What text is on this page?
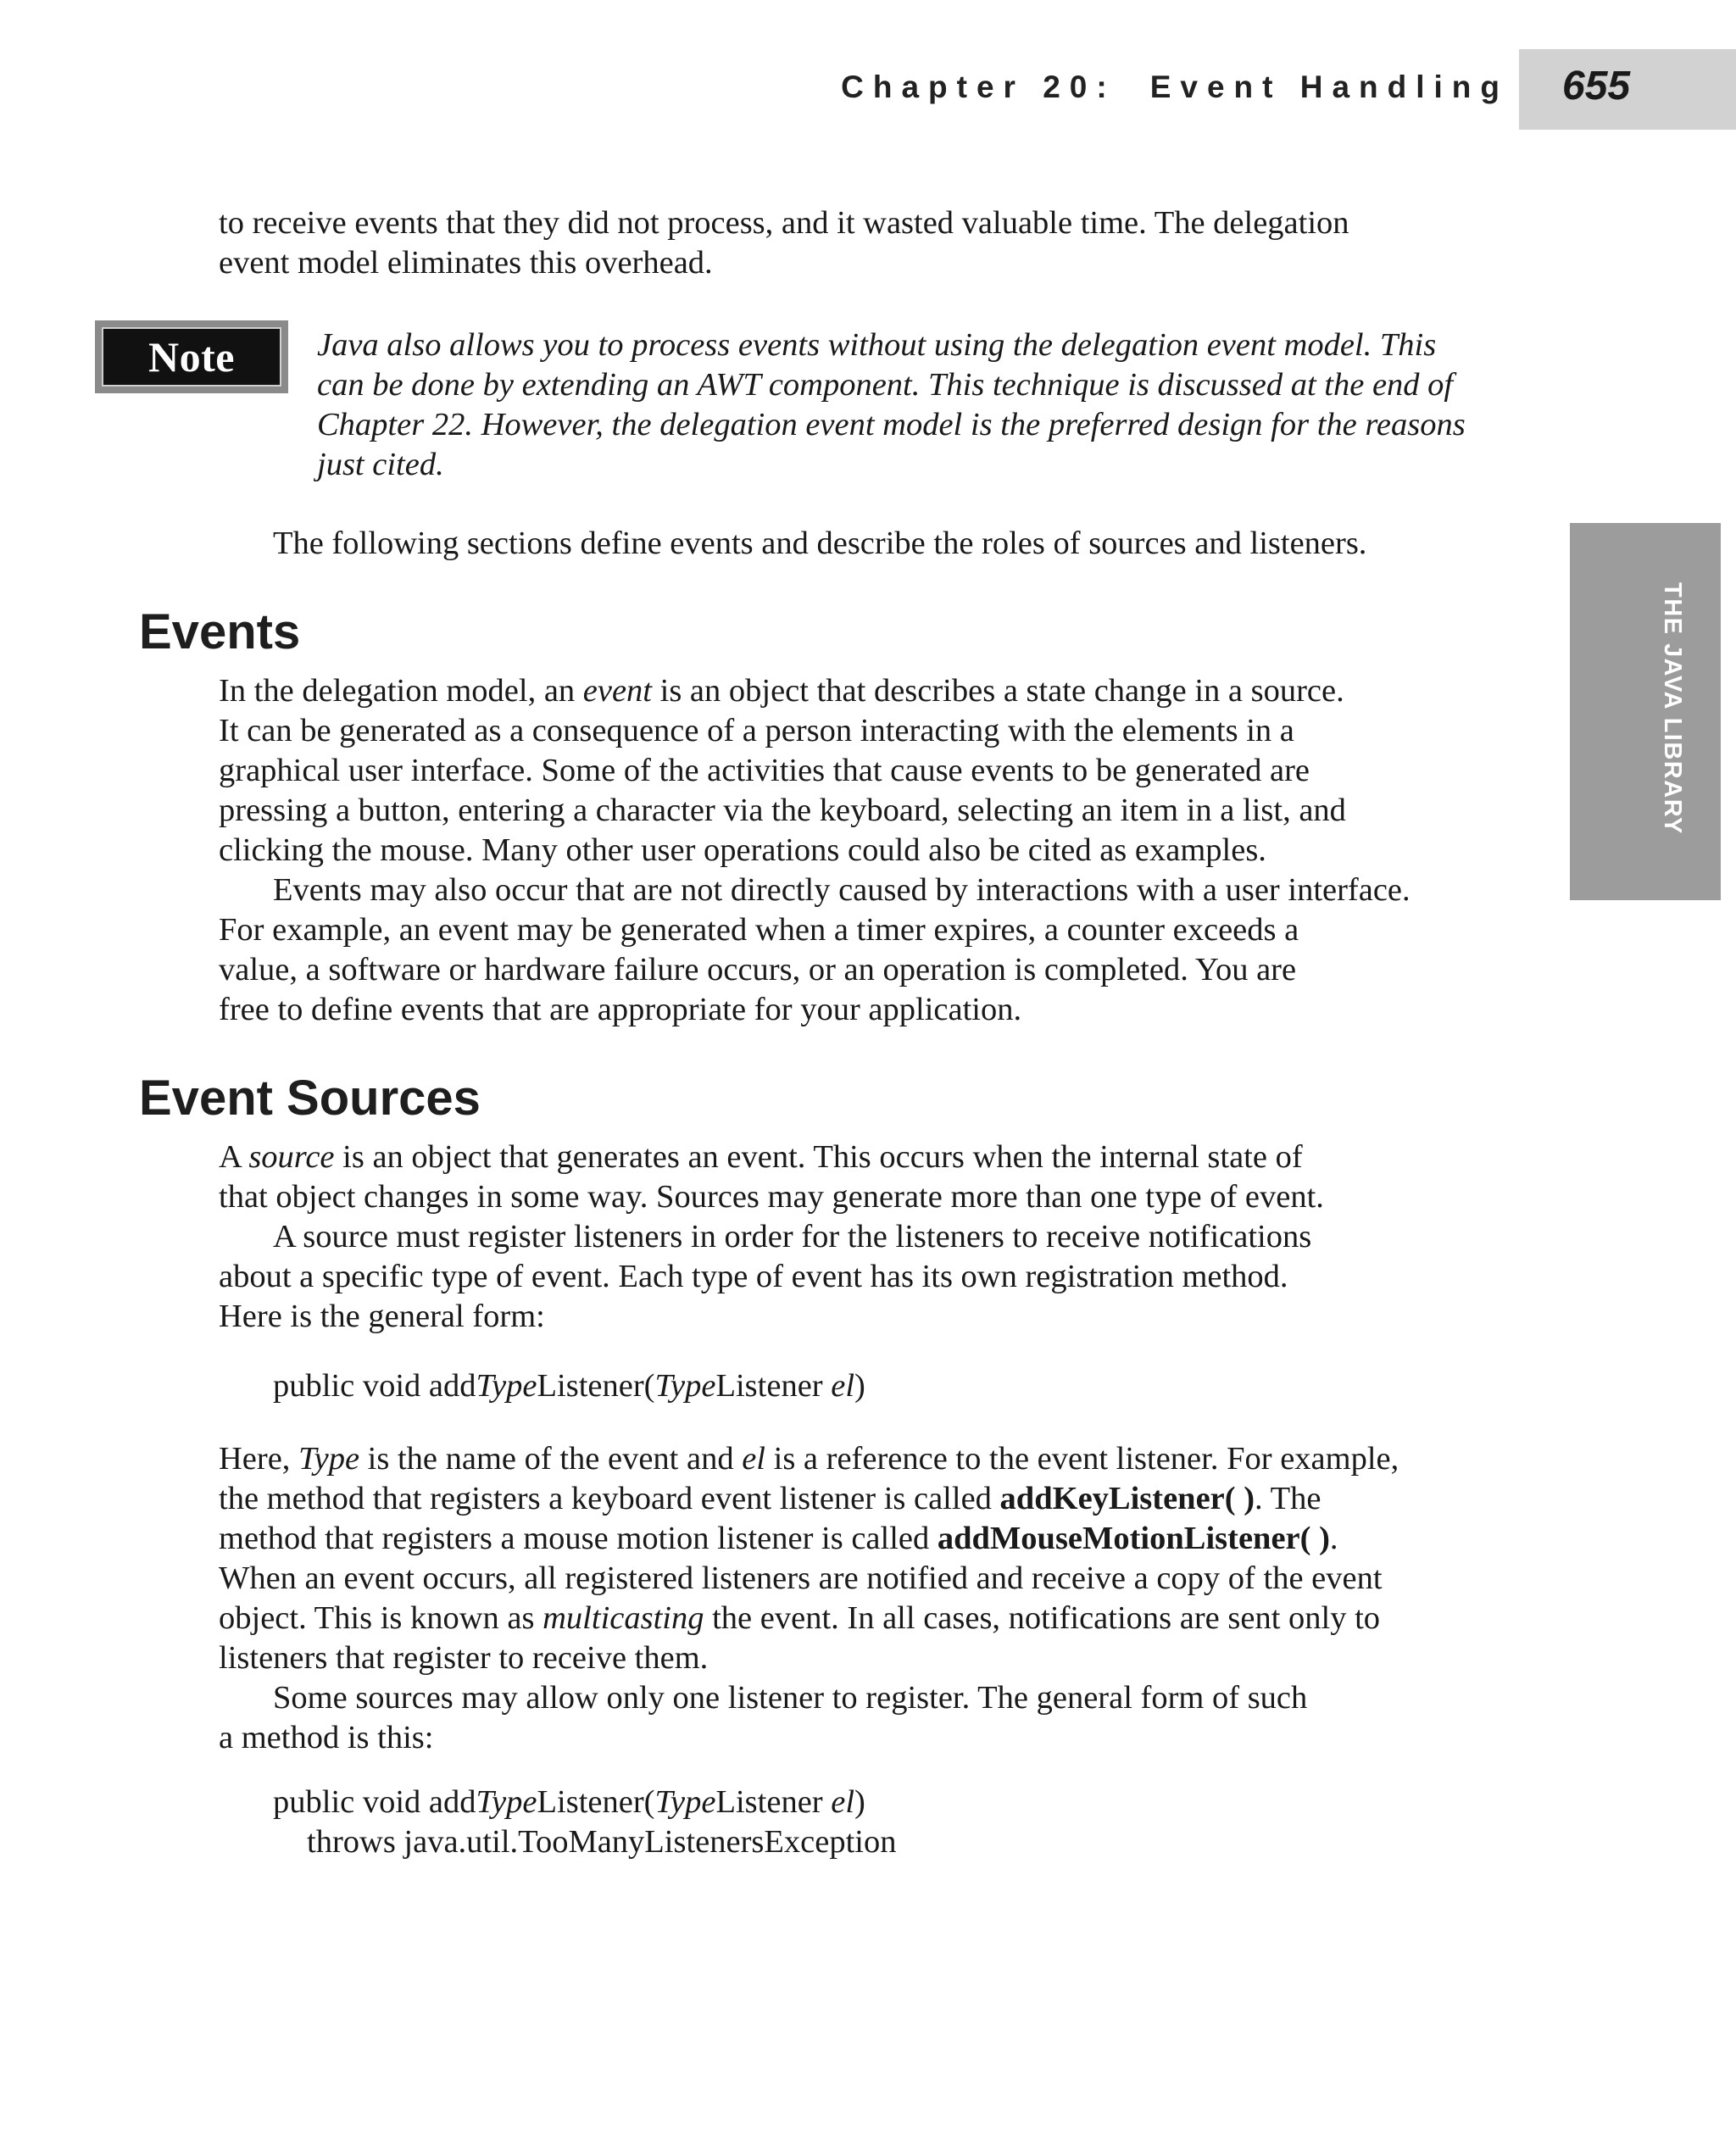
Chapter 20: Event Handling 655
THE JAVA LIBRARY

to receive events that they did not process, and it wasted valuable time. The delegation
event model eliminates this overhead.

Note	Java also allows you to process events without using the delegation event model. This
can be done by extending an AWT component. This technique is discussed at the end of
Chapter 22. However, the delegation event model is the preferred design for the reasons
just cited.

The following sections define events and describe the roles of sources and listeners.

Events

In the delegation model, an event is an object that describes a state change in a source.
It can be generated as a consequence of a person interacting with the elements in a
graphical user interface. Some of the activities that cause events to be generated are
pressing a button, entering a character via the keyboard, selecting an item in a list, and
clicking the mouse. Many other user operations could also be cited as examples.
Events may also occur that are not directly caused by interactions with a user interface.
For example, an event may be generated when a timer expires, a counter exceeds a
value, a software or hardware failure occurs, or an operation is completed. You are
free to define events that are appropriate for your application.

Event Sources

A source is an object that generates an event. This occurs when the internal state of
that object changes in some way. Sources may generate more than one type of event.
A source must register listeners in order for the listeners to receive notifications
about a specific type of event. Each type of event has its own registration method.
Here is the general form:

public void addTypeListener(TypeListener el)

Here, Type is the name of the event and el is a reference to the event listener. For example,
the method that registers a keyboard event listener is called addKeyListener( ). The
method that registers a mouse motion listener is called addMouseMotionListener( ).
When an event occurs, all registered listeners are notified and receive a copy of the event
object. This is known as multicasting the event. In all cases, notifications are sent only to
listeners that register to receive them.
Some sources may allow only one listener to register. The general form of such
a method is this:

public void addTypeListener(TypeListener el)
throws java.util.TooManyListenersException
